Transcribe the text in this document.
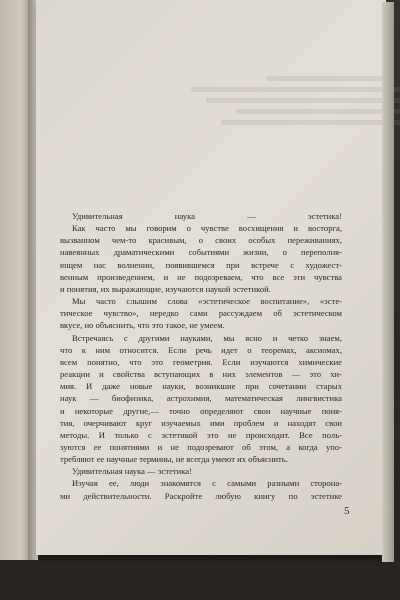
Удивительная наука — эстетика!

Как часто мы говорим о чувстве восхищения и восторга,

вызванном чем-то красивым, о своих особых переживаниях,

навеянных драматическими событиями жизни, о переполня-

ющем нас волнении, появившемся при встрече с художест-

венным произведением, и не подозреваем, что все эти чувства

и понятия, их выражающие, изучаются наукой эстетикой.

Мы часто слышим слова «эстетическое воспитание», «эсте-

тическое чувство», нередко сами рассуждаем об эстетическом

вкусе, но объяснить, что это такое, не умеем.

Встречаясь с другими науками, мы ясно и четко знаем,

что к ним относится. Если речь идет о теоремах, аксиомах,

всем понятно, что это геометрия. Если изучаются химические

реакции и свойства вступающих в них элементов — это хи-

мия. И даже новые науки, возникшие при сочетании старых

наук — биофизика, астрохимия, математическая лингвистика

и некоторые другие,— точно определяют свои научные поня-

тия, очерчивают круг изучаемых ими проблем и находят свои

методы. И только с эстетикой это не происходит. Все поль-

зуются ее понятиями и не подозревают об этом, а когда упо-

требляют ее научные термины, не всегда умеют их объяснить.

Удивительная наука — эстетика!

Изучая ее, люди знакомятся с самыми разными сторона-

ми действительности. Раскройте любую книгу по эстетике

5
